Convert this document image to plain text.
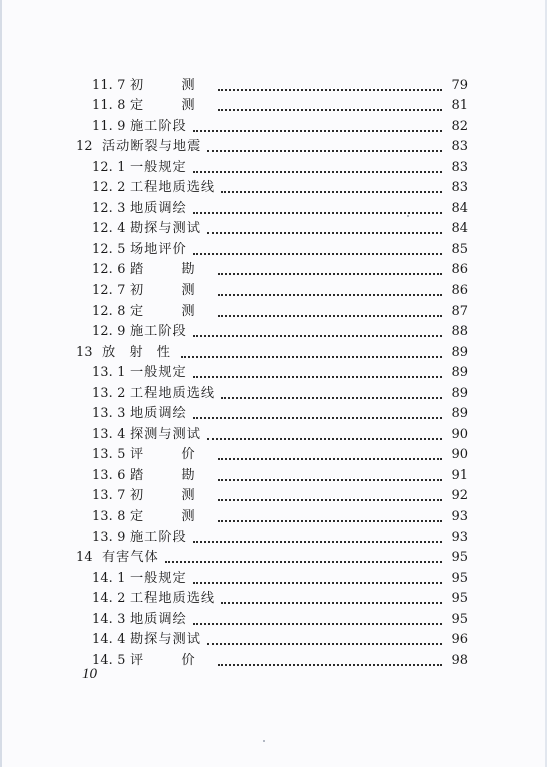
11. 7 初 测	79
11. 8 定 测	81
11. 9 施工阶段	82
12 活动断裂与地震	83
12. 1 一般规定	83
12. 2 工程地质选线	83
12. 3 地质调绘	84
12. 4 勘探与测试	84
12. 5 场地评价	85
12. 6 踏 勘	86
12. 7 初 测	86
12. 8 定 测	87
12. 9 施工阶段	88
13 放 射 性	89
13. 1 一般规定	89
13. 2 工程地质选线	89
13. 3 地质调绘	89
13. 4 探测与测试	90
13. 5 评 价	90
13. 6 踏 勘	91
13. 7 初 测	92
13. 8 定 测	93
13. 9 施工阶段	93
14 有害气体	95
14. 1 一般规定	95
14. 2 工程地质选线	95
14. 3 地质调绘	95
14. 4 勘探与测试	96
14. 5 评 价	98
10
